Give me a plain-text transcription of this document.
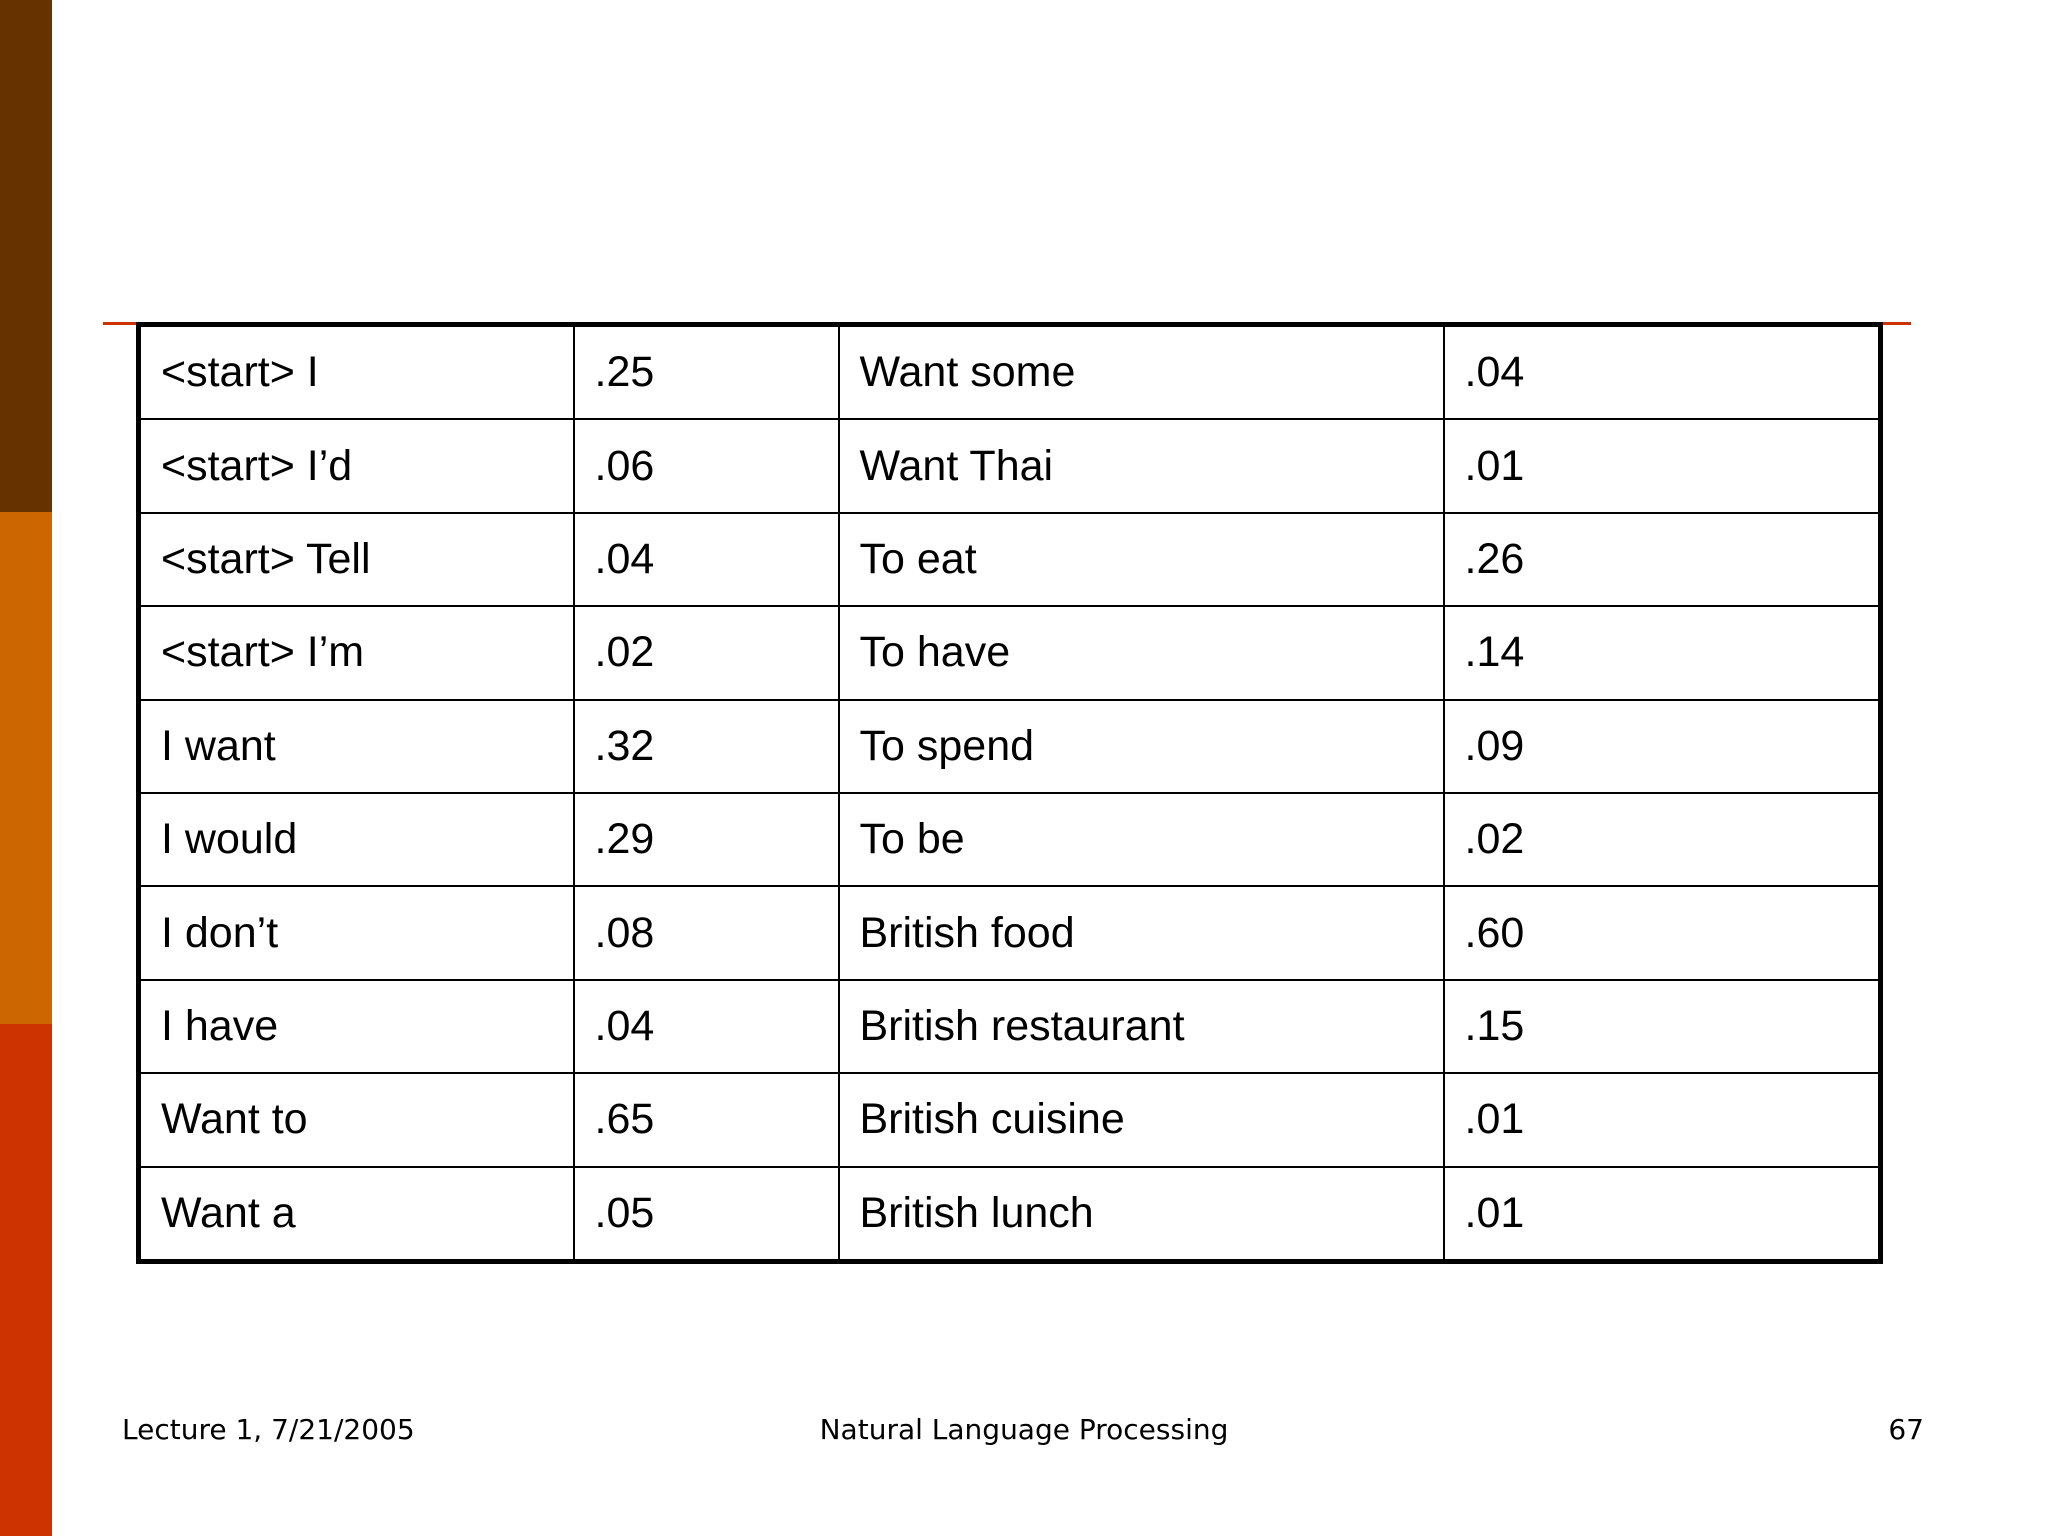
<start> I	.25	Want some	.04
<start> I’d	.06	Want Thai	.01
<start> Tell	.04	To eat	.26
<start> I’m	.02	To have	.14
I want	.32	To spend	.09
I would	.29	To be	.02
I don’t	.08	British food	.60
I have	.04	British restaurant	.15
Want to	.65	British cuisine	.01
Want a	.05	British lunch	.01
Lecture 1, 7/21/2005	Natural Language Processing	67
